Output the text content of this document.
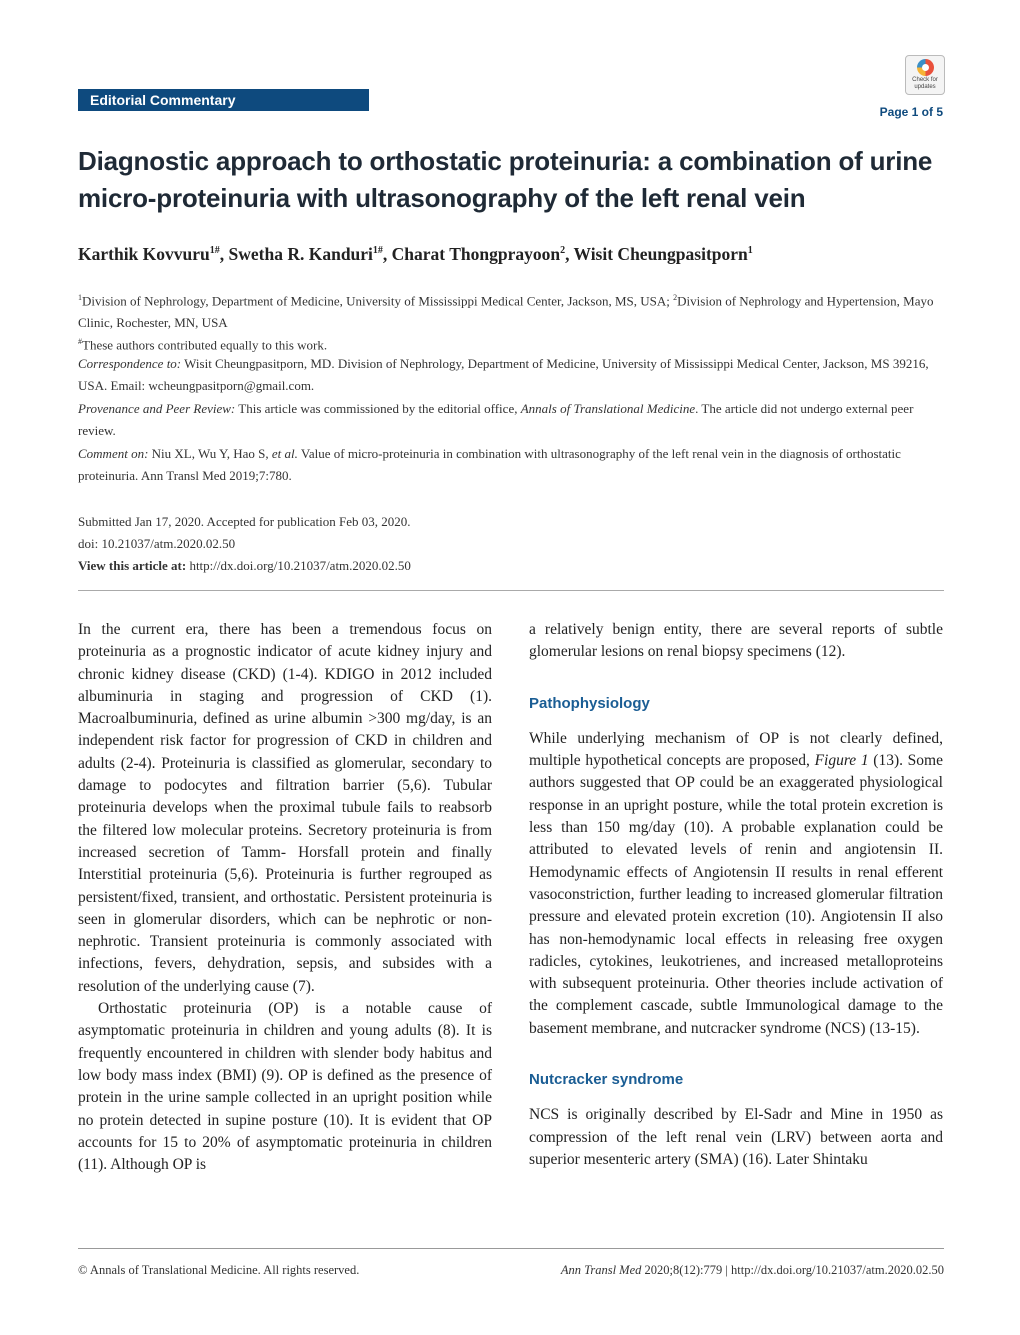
Editorial Commentary
Check for updates
Page 1 of 5
Diagnostic approach to orthostatic proteinuria: a combination of urine micro-proteinuria with ultrasonography of the left renal vein
Karthik Kovvuru$^{1\#}$, Swetha R. Kanduri$^{1\#}$, Charat Thongprayoon$^2$, Wisit Cheungpasitporn$^1$
$^1$Division of Nephrology, Department of Medicine, University of Mississippi Medical Center, Jackson, MS, USA; $^2$Division of Nephrology and Hypertension, Mayo Clinic, Rochester, MN, USA
#These authors contributed equally to this work.
Correspondence to: Wisit Cheungpasitporn, MD. Division of Nephrology, Department of Medicine, University of Mississippi Medical Center, Jackson, MS 39216, USA. Email: wcheungpasitporn@gmail.com.
Provenance and Peer Review: This article was commissioned by the editorial office, Annals of Translational Medicine. The article did not undergo external peer review.
Comment on: Niu XL, Wu Y, Hao S, et al. Value of micro-proteinuria in combination with ultrasonography of the left renal vein in the diagnosis of orthostatic proteinuria. Ann Transl Med 2019;7:780.
Submitted Jan 17, 2020. Accepted for publication Feb 03, 2020.
doi: 10.21037/atm.2020.02.50
View this article at: http://dx.doi.org/10.21037/atm.2020.02.50

In the current era, there has been a tremendous focus on proteinuria as a prognostic indicator of acute kidney injury and chronic kidney disease (CKD) (1-4). KDIGO in 2012 included albuminuria in staging and progression of CKD (1). Macroalbuminuria, defined as urine albumin >300 mg/day, is an independent risk factor for progression of CKD in children and adults (2-4). Proteinuria is classified as glomerular, secondary to damage to podocytes and filtration barrier (5,6). Tubular proteinuria develops when the proximal tubule fails to reabsorb the filtered low molecular proteins. Secretory proteinuria is from increased secretion of Tamm- Horsfall protein and finally Interstitial proteinuria (5,6). Proteinuria is further regrouped as persistent/fixed, transient, and orthostatic. Persistent proteinuria is seen in glomerular disorders, which can be nephrotic or non-nephrotic. Transient proteinuria is commonly associated with infections, fevers, dehydration, sepsis, and subsides with a resolution of the underlying cause (7).

Orthostatic proteinuria (OP) is a notable cause of asymptomatic proteinuria in children and young adults (8). It is frequently encountered in children with slender body habitus and low body mass index (BMI) (9). OP is defined as the presence of protein in the urine sample collected in an upright position while no protein detected in supine posture (10). It is evident that OP accounts for 15 to 20% of asymptomatic proteinuria in children (11). Although OP is

a relatively benign entity, there are several reports of subtle glomerular lesions on renal biopsy specimens (12).

Pathophysiology

While underlying mechanism of OP is not clearly defined, multiple hypothetical concepts are proposed, Figure 1 (13). Some authors suggested that OP could be an exaggerated physiological response in an upright posture, while the total protein excretion is less than 150 mg/day (10). A probable explanation could be attributed to elevated levels of renin and angiotensin II. Hemodynamic effects of Angiotensin II results in renal efferent vasoconstriction, further leading to increased glomerular filtration pressure and elevated protein excretion (10). Angiotensin II also has non-hemodynamic local effects in releasing free oxygen radicles, cytokines, leukotrienes, and increased metalloproteins with subsequent proteinuria. Other theories include activation of the complement cascade, subtle Immunological damage to the basement membrane, and nutcracker syndrome (NCS) (13-15).

Nutcracker syndrome

NCS is originally described by El-Sadr and Mine in 1950 as compression of the left renal vein (LRV) between aorta and superior mesenteric artery (SMA) (16). Later Shintaku

© Annals of Translational Medicine. All rights reserved.	Ann Transl Med 2020;8(12):779 | http://dx.doi.org/10.21037/atm.2020.02.50
